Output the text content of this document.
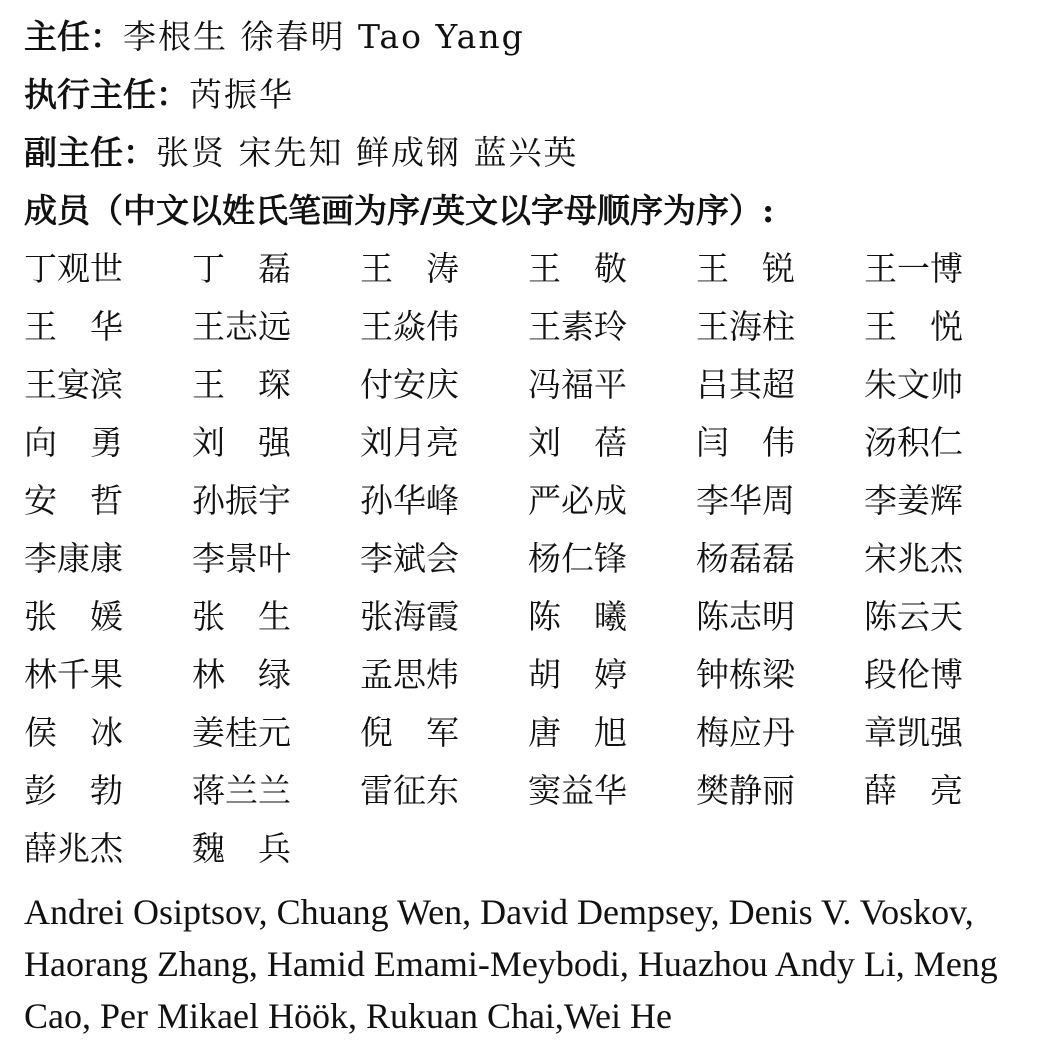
主任：李根生 徐春明 Tao Yang
执行主任：芮振华
副主任：张贤 宋先知 鲜成钢 蓝兴英
成员（中文以姓氏笔画为序/英文以字母顺序为序）:
丁观世	丁　磊	王　涛	王　敬	王　锐	王一博
王　华	王志远	王焱伟	王素玲	王海柱	王　悦
王宴滨	王　琛	付安庆	冯福平	吕其超	朱文帅
向　勇	刘　强	刘月亮	刘　蓓	闫　伟	汤积仁
安　哲	孙振宇	孙华峰	严必成	李华周	李姜辉
李康康	李景叶	李斌会	杨仁锋	杨磊磊	宋兆杰
张　媛	张　生	张海霞	陈　曦	陈志明	陈云天
林千果	林　绿	孟思炜	胡　婷	钟栋梁	段伦博
侯　冰	姜桂元	倪　军	唐　旭	梅应丹	章凯强
彭　勃	蒋兰兰	雷征东	窦益华	樊静丽	薛　亮
薛兆杰	魏　兵
Andrei Osiptsov, Chuang Wen, David Dempsey, Denis V. Voskov,
Haorang Zhang, Hamid Emami-Meybodi, Huazhou Andy Li, Meng
Cao, Per Mikael Höök, Rukuan Chai,Wei He
